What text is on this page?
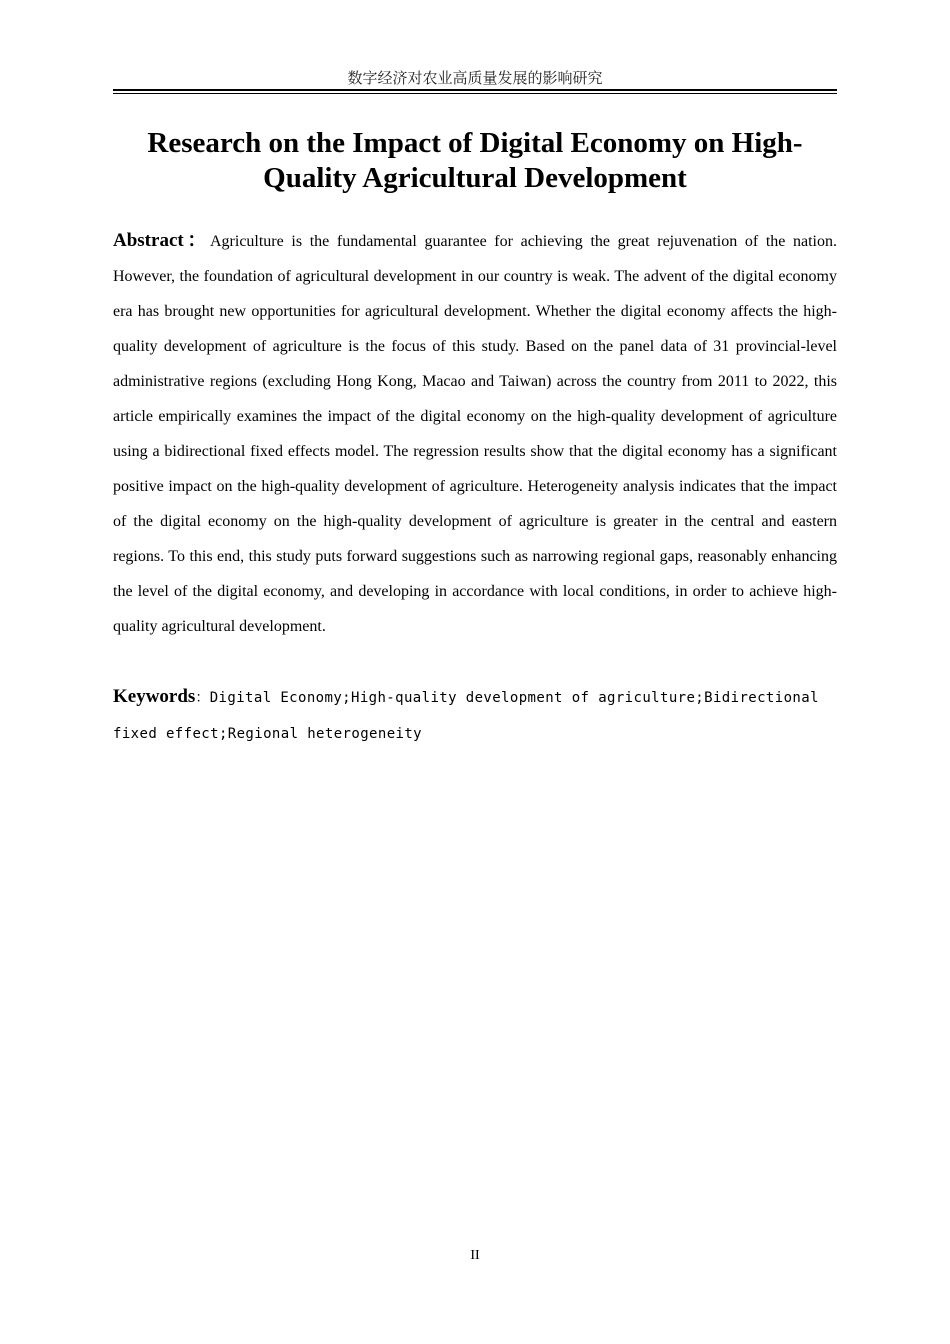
数字经济对农业高质量发展的影响研究
Research on the Impact of Digital Economy on High-Quality Agricultural Development

Abstract：Agriculture is the fundamental guarantee for achieving the great rejuvenation of the nation. However, the foundation of agricultural development in our country is weak. The advent of the digital economy era has brought new opportunities for agricultural development. Whether the digital economy affects the high-quality development of agriculture is the focus of this study. Based on the panel data of 31 provincial-level administrative regions (excluding Hong Kong, Macao and Taiwan) across the country from 2011 to 2022, this article empirically examines the impact of the digital economy on the high-quality development of agriculture using a bidirectional fixed effects model. The regression results show that the digital economy has a significant positive impact on the high-quality development of agriculture. Heterogeneity analysis indicates that the impact of the digital economy on the high-quality development of agriculture is greater in the central and eastern regions. To this end, this study puts forward suggestions such as narrowing regional gaps, reasonably enhancing the level of the digital economy, and developing in accordance with local conditions, in order to achieve high-quality agricultural development.

Keywords：Digital Economy;High-quality development of agriculture;Bidirectional fixed effect;Regional heterogeneity

II
